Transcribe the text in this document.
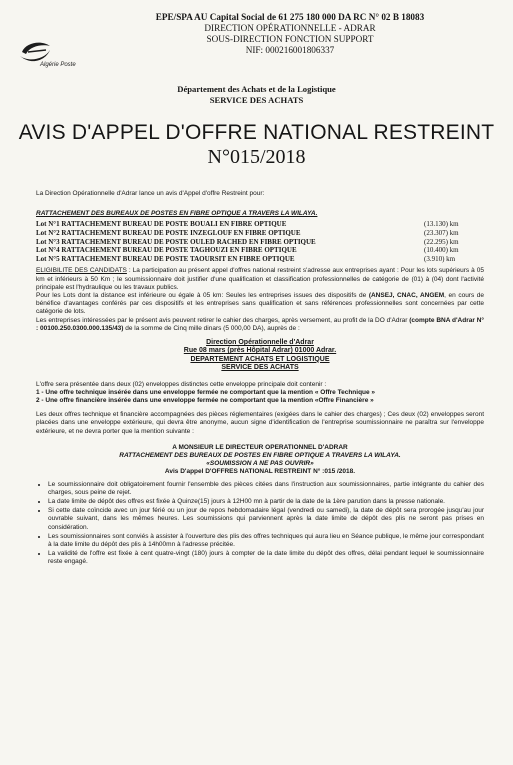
Algérie Poste
EPE/SPA AU Capital Social de 61 275 180 000 DA RC N° 02 B 18083
DIRECTION OPÉRATIONNELLE - ADRAR
SOUS-DIRECTION FONCTION SUPPORT
NIF: 000216001806337
Département des Achats et de la Logistique
SERVICE DES ACHATS
AVIS D'APPEL D'OFFRE NATIONAL RESTREINT
N°015/2018

La Direction Opérationnelle d'Adrar lance un avis d'Appel d'offre Restreint pour:

RATTACHEMENT DES BUREAUX DE POSTES EN FIBRE OPTIQUE A TRAVERS LA WILAYA.

Lot N°1 RATTACHEMENT BUREAU DE POSTE BOUALI EN FIBRE OPTIQUE	(13.130) km
Lot N°2 RATTACHEMENT BUREAU DE POSTE INZEGLOUF EN FIBRE OPTIQUE	(23.307) km
Lot N°3 RATTACHEMENT BUREAU DE POSTE OULED RACHED EN FIBRE OPTIQUE	(22.295) km
Lot N°4 RATTACHEMENT BUREAU DE POSTE TAGHOUZI EN FIBRE OPTIQUE	(10.400) km
Lot N°5 RATTACHEMENT BUREAU DE POSTE TAOURSIT EN FIBRE OPTIQUE	(3.910) km

ELIGIBILITE DES CANDIDATS : La participation au présent appel d'offres national restreint s'adresse aux entreprises ayant : Pour les lots supérieurs à 05 km et inférieurs à 50 Km ; le soumissionnaire doit justifier d'une qualification et classification professionnelles de catégorie de (01) à (04) dont l'activité principale est l'hydraulique ou les travaux publics.

Pour les Lots dont la distance est inférieure ou égale à 05 km: Seules les entreprises issues des dispositifs de (ANSEJ, CNAC, ANGEM, en cours de bénéfice d'avantages conférés par ces dispositifs et les entreprises sans qualification et sans références professionnelles sont concernées par cette catégorie de lots.

Les entreprises intéressées par le présent avis peuvent retirer le cahier des charges, après versement, au profit de la DO d'Adrar (compte BNA d'Adrar N° : 00100.250.0300.000.135/43) de la somme de Cinq mille dinars (5 000,00 DA), auprès de :

Direction Opérationnelle d'Adrar
Rue 08 mars (près Hôpital Adrar) 01000 Adrar.
DEPARTEMENT ACHATS ET LOGISTIQUE
SERVICE DES ACHATS

L'offre sera présentée dans deux (02) enveloppes distinctes cette enveloppe principale doit contenir :

1 - Une offre technique insérée dans une enveloppe fermée ne comportant que la mention « Offre Technique »

2 - Une offre financière insérée dans une enveloppe fermée ne comportant que la mention «Offre Financière »

Les deux offres technique et financière accompagnées des pièces réglementaires (exigées dans le cahier des charges) ; Ces deux (02) enveloppes seront placées dans une enveloppe extérieure, qui devra être anonyme, aucun signe d'identification de l'entreprise soumissionnaire ne paraîtra sur l'enveloppe extérieure, et ne devra porter que la mention suivante :

A MONSIEUR LE DIRECTEUR OPERATIONNEL D'ADRAR
RATTACHEMENT DES BUREAUX DE POSTES EN FIBRE OPTIQUE A TRAVERS LA WILAYA.
«SOUMISSION A NE PAS OUVRIR»
Avis D'appel D'OFFRES NATIONAL RESTREINT N° :015 /2018.
• Le soumissionnaire doit obligatoirement fournir l'ensemble des pièces citées dans l'instruction aux soumissionnaires, partie intégrante du cahier des charges, sous peine de rejet.
• La date limite de dépôt des offres est fixée à Quinze(15) jours à 12H00 mn à partir de la date de la 1ère parution dans la presse nationale.
• Si cette date coïncide avec un jour férié ou un jour de repos hebdomadaire légal (vendredi ou samedi), la date de dépôt sera prorogée jusqu'au jour ouvrable suivant, dans les mêmes heures. Les soumissions qui parviennent après la date limite de dépôt des plis ne seront pas prises en considération.
• Les soumissionnaires sont conviés à assister à l'ouverture des plis des offres techniques qui aura lieu en Séance publique, le même jour correspondant à la date limite du dépôt des plis à 14h00mn à l'adresse précitée.
• La validité de l'offre est fixée à cent quatre-vingt (180) jours à compter de la date limite du dépôt des offres, délai pendant lequel le soumissionnaire reste engagé.
